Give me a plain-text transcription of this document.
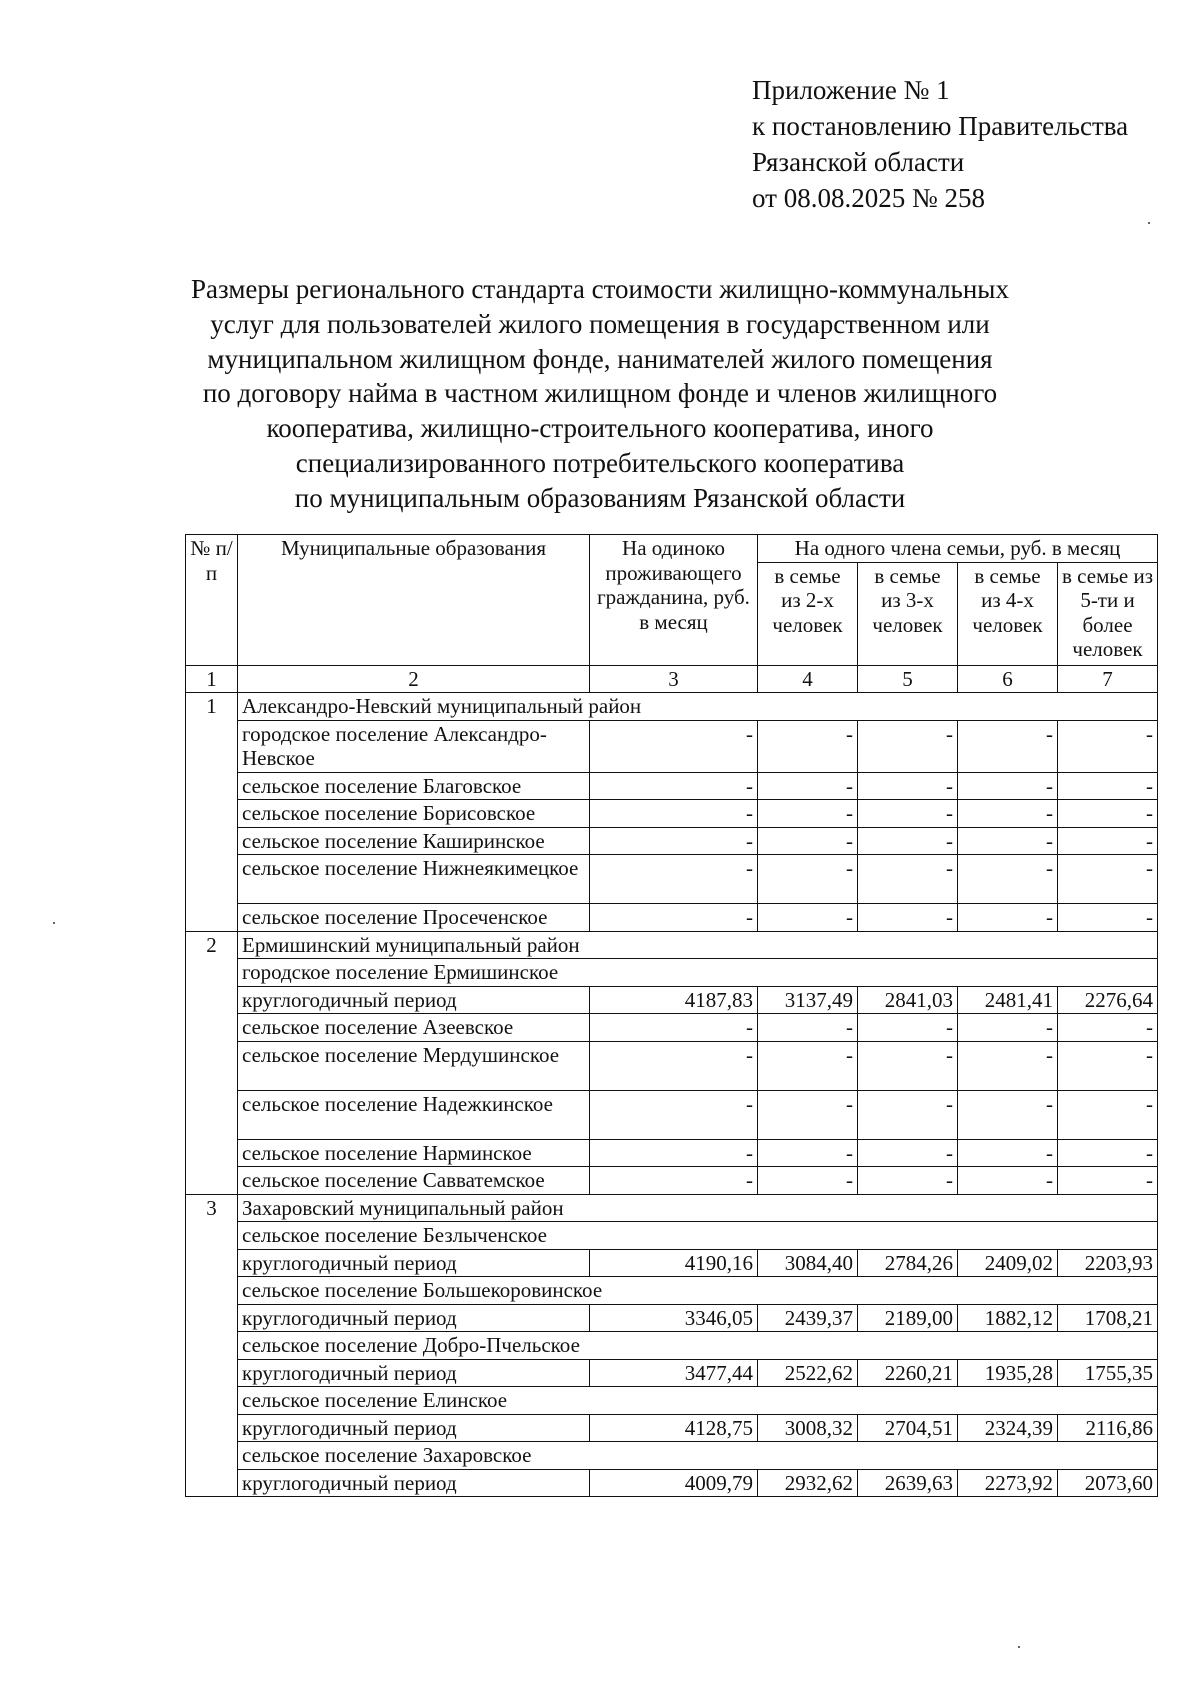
Приложение № 1
к постановлению Правительства
Рязанской области
от 08.08.2025 № 258
Размеры регионального стандарта стоимости жилищно-коммунальных
услуг для пользователей жилого помещения в государственном или
муниципальном жилищном фонде, нанимателей жилого помещения
по договору найма в частном жилищном фонде и членов жилищного
кооператива, жилищно-строительного кооператива, иного
специализированного потребительского кооператива
по муниципальным образованиям Рязанской области
№ п/п	Муниципальные образования	На одиноко проживающего гражданина, руб. в месяц	На одного члена семьи, руб. в месяц			
			в семье из 2-х человек	в семье из 3-х человек	в семье из 4-х человек	в семье из 5-ти и более человек
1	2	3	4	5	6	7
1	Александро-Невский муниципальный район					
	городское поселение Александро-Невское	-	-	-	-	-
	сельское поселение Благовское	-	-	-	-	-
	сельское поселение Борисовское	-	-	-	-	-
	сельское поселение Каширинское	-	-	-	-	-
	сельское поселение Нижнеякимецкое	-	-	-	-	-
	сельское поселение Просеченское	-	-	-	-	-
2	Ермишинский муниципальный район					
	городское поселение Ермишинское					
	круглогодичный период	4187,83	3137,49	2841,03	2481,41	2276,64
	сельское поселение Азеевское	-	-	-	-	-
	сельское поселение Мердушинское	-	-	-	-	-
	сельское поселение Надежкинское	-	-	-	-	-
	сельское поселение Нарминское	-	-	-	-	-
	сельское поселение Савватемское	-	-	-	-	-
3	Захаровский муниципальный район					
	сельское поселение Безлыченское					
	круглогодичный период	4190,16	3084,40	2784,26	2409,02	2203,93
	сельское поселение Большекоровинское					
	круглогодичный период	3346,05	2439,37	2189,00	1882,12	1708,21
	сельское поселение Добро-Пчельское					
	круглогодичный период	3477,44	2522,62	2260,21	1935,28	1755,35
	сельское поселение Елинское					
	круглогодичный период	4128,75	3008,32	2704,51	2324,39	2116,86
	сельское поселение Захаровское					
	круглогодичный период	4009,79	2932,62	2639,63	2273,92	2073,60
